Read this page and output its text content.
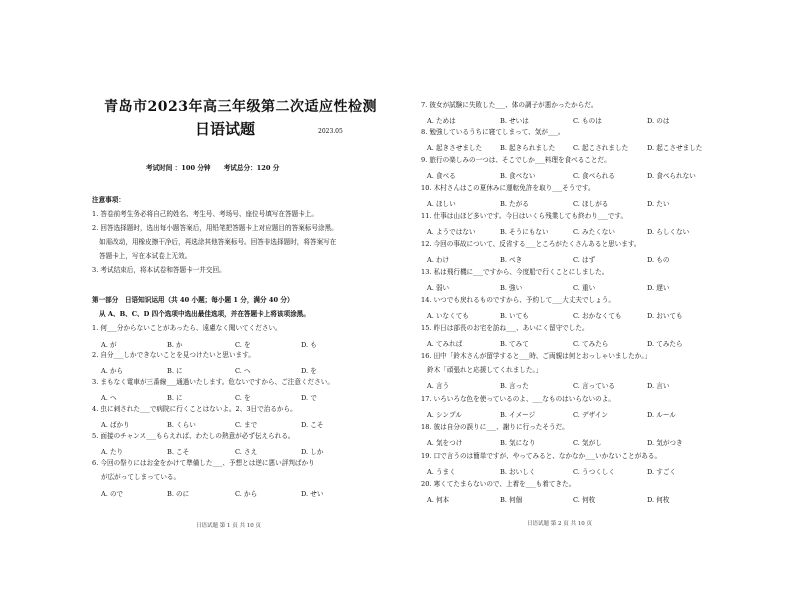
青岛市2023年高三年级第二次适应性检测
日语试题	2023.05
考试时间 ：100 分钟　　考试总分：120 分
注意事项：
1. 答卷前考生务必将自己的姓名、考生号、考场号、座位号填写在答题卡上。
2. 回答选择题时，选出每小题答案后，用铅笔把答题卡上对应题目的答案标号涂黑。
如需改动，用橡皮擦干净后，再选涂其他答案标号。回答非选择题时，将答案写在
答题卡上，写在本试卷上无效。
3. 考试结束后，将本试卷和答题卡一并交回。
第一部分　日语知识运用（共 40 小题；每小题 1 分，满分 40 分）
从 A、B、C、D 四个选项中选出最佳选项，并在答题卡上将该项涂黑。
1. 何___分からないことがあったら、遠慮なく聞いてください。
A. が	B. か	C. を	D. も
2. 自分___しかできないことを見つけたいと思います。
A. から	B. に	C. へ	D. を
3. まもなく電車が三番線___通過いたします。危ないですから、ご注意ください。
A. へ	B. に	C. を	D. で
4. 虫に刺された___で病院に行くことはないよ。2、3日で治るから。
A. ばかり	B. くらい	C. まで	D. こそ
5. 面接のチャンス___もらえれば、わたしの熱意が必ず伝えられる。
A. たり	B. こそ	C. さえ	D. しか
6. 今回の祭りにはお金をかけて準備した___、予想とは逆に悪い評判ばかり
が広がってしまっている。
A. ので	B. のに	C. から	D. せい
日语试题 第 1 页 共 10 页
7. 彼女が試験に失敗した___、体の調子が悪かったからだ。
A. ためは	B. せいは	C. ものは	D. のは
8. 勉強しているうちに寝てしまって、気が___。
A. 起きさせました	B. 起きられました	C. 起こされました	D. 起こさせました
9. 旅行の楽しみの一つは、そこでしか___料理を食べることだ。
A. 食べる	B. 食べない	C. 食べられる	D. 食べられない
10. 木村さんはこの夏休みに運転免許を取り___そうです。
A. ほしい	B. たがる	C. ほしがる	D. たい
11. 仕事は山ほど多いです。今日はいくら残業しても終わり___です。
A. ようではない	B. そうにもない	C. みたくない	D. らしくない
12. 今回の事故について、反省する___ところがたくさんあると思います。
A. わけ	B. べき	C. はず	D. もの
13. 私は飛行機に___ですから、今度船で行くことにしました。
A. 弱い	B. 強い	C. 重い	D. 遅い
14. いつでも戻れるものですから、予約して___大丈夫でしょう。
A. いなくても	B. いても	C. おかなくても	D. おいても
15. 昨日は部長のお宅を訪ね___、あいにく留守でした。
A. てみれば	B. てみて	C. てみたら	D. てみたら
16. 田中「鈴木さんが留学すると___時、ご両親は何とおっしゃいましたか。」
鈴木「頑張れと応援してくれました。」
A. 言う	B. 言った	C. 言っている	D. 言い
17. いろいろな色を使っているのよ、___なものはいらないのよ。
A. シンプル	B. イメージ	C. デザイン	D. ルール
18. 彼は自分の誤りに___、謝りに行ったそうだ。
A. 気をつけ	B. 気になり	C. 気がし	D. 気がつき
19. 口で言うのは簡単ですが、やってみると、なかなか___いかないことがある。
A. うまく	B. おいしく	C. うつくしく	D. すごく
20. 寒くてたまらないので、上着を___も着てきた。
A. 何本	B. 何個	C. 何枚	D. 何枚
日语试题 第 2 页 共 10 页
